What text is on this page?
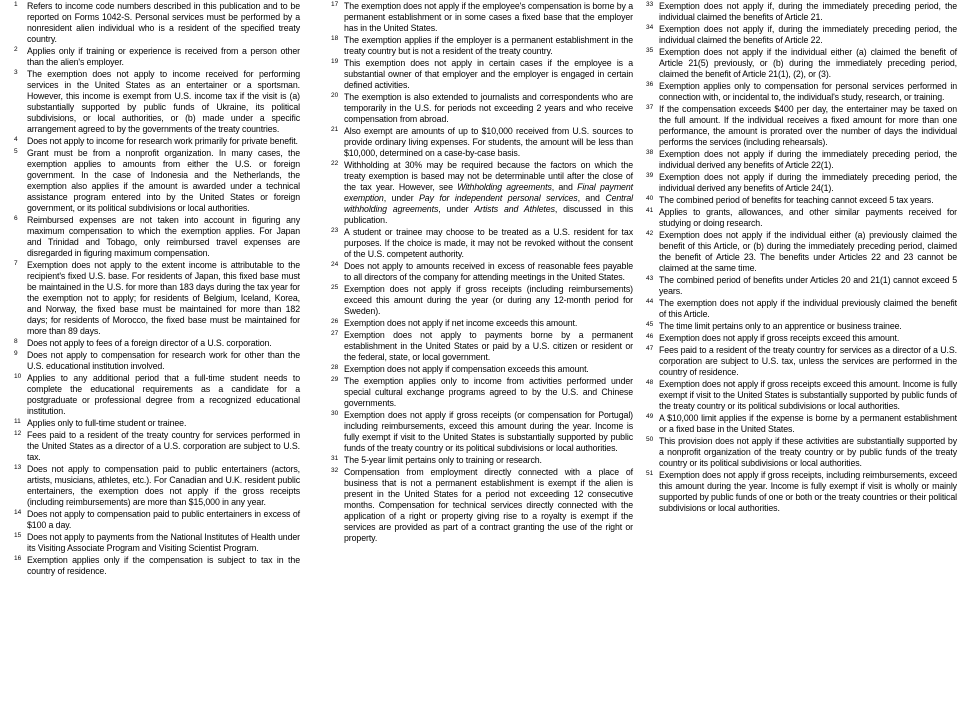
1 Refers to income code numbers described in this publication and to be reported on Forms 1042-S. Personal services must be performed by a nonresident alien individual who is a resident of the specified treaty country.
2 Applies only if training or experience is received from a person other than the alien's employer.
3 The exemption does not apply to income received for performing services in the United States as an entertainer or a sportsman. However, this income is exempt from U.S. income tax if the visit is (a) substantially supported by public funds of Ukraine, its political subdivisions, or local authorities, or (b) made under a specific arrangement agreed to by the governments of the treaty countries.
4 Does not apply to income for research work primarily for private benefit.
5 Grant must be from a nonprofit organization. In many cases, the exemption applies to amounts from either the U.S. or foreign government. In the case of Indonesia and the Netherlands, the exemption also applies if the amount is awarded under a technical assistance program entered into by the United States or foreign government, or its political subdivisions or local authorities.
6 Reimbursed expenses are not taken into account in figuring any maximum compensation to which the exemption applies. For Japan and Trinidad and Tobago, only reimbursed travel expenses are disregarded in figuring maximum compensation.
7 Exemption does not apply to the extent income is attributable to the recipient's fixed U.S. base. For residents of Japan, this fixed base must be maintained in the U.S. for more than 183 days during the tax year for the exemption not to apply; for residents of Belgium, Iceland, Korea, and Norway, the fixed base must be maintained for more than 182 days; for residents of Morocco, the fixed base must be maintained for more than 89 days.
8 Does not apply to fees of a foreign director of a U.S. corporation.
9 Does not apply to compensation for research work for other than the U.S. educational institution involved.
10 Applies to any additional period that a full-time student needs to complete the educational requirements as a candidate for a postgraduate or professional degree from a recognized educational institution.
11 Applies only to full-time student or trainee.
12 Fees paid to a resident of the treaty country for services performed in the United States as a director of a U.S. corporation are subject to U.S. tax.
13 Does not apply to compensation paid to public entertainers (actors, artists, musicians, athletes, etc.). For Canadian and U.K. resident public entertainers, the exemption does not apply if the gross receipts (including reimbursements) are more than $15,000 in any year.
14 Does not apply to compensation paid to public entertainers in excess of $100 a day.
15 Does not apply to payments from the National Institutes of Health under its Visiting Associate Program and Visiting Scientist Program.
16 Exemption applies only if the compensation is subject to tax in the country of residence.
17 The exemption does not apply if the employee's compensation is borne by a permanent establishment or in some cases a fixed base that the employer has in the United States.
18 The exemption applies if the employer is a permanent establishment in the treaty country but is not a resident of the treaty country.
19 This exemption does not apply in certain cases if the employee is a substantial owner of that employer and the employer is engaged in certain defined activities.
20 The exemption is also extended to journalists and correspondents who are temporarily in the U.S. for periods not exceeding 2 years and who receive compensation from abroad.
21 Also exempt are amounts of up to $10,000 received from U.S. sources to provide ordinary living expenses. For students, the amount will be less than $10,000, determined on a case-by-case basis.
22 Withholding at 30% may be required because the factors on which the treaty exemption is based may not be determinable until after the close of the tax year. However, see Withholding agreements, and Final payment exemption, under Pay for independent personal services, and Central withholding agreements, under Artists and Athletes, discussed in this publication.
23 A student or trainee may choose to be treated as a U.S. resident for tax purposes. If the choice is made, it may not be revoked without the consent of the U.S. competent authority.
24 Does not apply to amounts received in excess of reasonable fees payable to all directors of the company for attending meetings in the United States.
25 Exemption does not apply if gross receipts (including reimbursements) exceed this amount during the year (or during any 12-month period for Sweden).
26 Exemption does not apply if net income exceeds this amount.
27 Exemption does not apply to payments borne by a permanent establishment in the United States or paid by a U.S. citizen or resident or the federal, state, or local government.
28 Exemption does not apply if compensation exceeds this amount.
29 The exemption applies only to income from activities performed under special cultural exchange programs agreed to by the U.S. and Chinese governments.
30 Exemption does not apply if gross receipts (or compensation for Portugal) including reimbursements, exceed this amount during the year. Income is fully exempt if visit to the United States is substantially supported by public funds of the treaty country or its political subdivisions or local authorities.
31 The 5-year limit pertains only to training or research.
32 Compensation from employment directly connected with a place of business that is not a permanent establishment is exempt if the alien is present in the United States for a period not exceeding 12 consecutive months. Compensation for technical services directly connected with the application of a right or property giving rise to a royalty is exempt if the services are provided as part of a contract granting the use of the right or property.
33 Exemption does not apply if, during the immediately preceding period, the individual claimed the benefits of Article 21.
34 Exemption does not apply if, during the immediately preceding period, the individual claimed the benefits of Article 22.
35 Exemption does not apply if the individual either (a) claimed the benefit of Article 21(5) previously, or (b) during the immediately preceding period, claimed the benefit of Article 21(1), (2), or (3).
36 Exemption applies only to compensation for personal services performed in connection with, or incidental to, the individual's study, research, or training.
37 If the compensation exceeds $400 per day, the entertainer may be taxed on the full amount. If the individual receives a fixed amount for more than one performance, the amount is prorated over the number of days the individual performs the services (including rehearsals).
38 Exemption does not apply if during the immediately preceding period, the individual derived any benefits of Article 22(1).
39 Exemption does not apply if during the immediately preceding period, the individual derived any benefits of Article 24(1).
40 The combined period of benefits for teaching cannot exceed 5 tax years.
41 Applies to grants, allowances, and other similar payments received for studying or doing research.
42 Exemption does not apply if the individual either (a) previously claimed the benefit of this Article, or (b) during the immediately preceding period, claimed the benefit of Article 23. The benefits under Articles 22 and 23 cannot be claimed at the same time.
43 The combined period of benefits under Articles 20 and 21(1) cannot exceed 5 years.
44 The exemption does not apply if the individual previously claimed the benefit of this Article.
45 The time limit pertains only to an apprentice or business trainee.
46 Exemption does not apply if gross receipts exceed this amount.
47 Fees paid to a resident of the treaty country for services as a director of a U.S. corporation are subject to U.S. tax, unless the services are performed in the country of residence.
48 Exemption does not apply if gross receipts exceed this amount. Income is fully exempt if visit to the United States is substantially supported by public funds of the treaty country or its political subdivisions or local authorities.
49 A $10,000 limit applies if the expense is borne by a permanent establishment or a fixed base in the United States.
50 This provision does not apply if these activities are substantially supported by a nonprofit organization of the treaty country or by public funds of the treaty country or its political subdivisions or local authorities.
51 Exemption does not apply if gross receipts, including reimbursements, exceed this amount during the year. Income is fully exempt if visit is wholly or mainly supported by public funds of one or both or the treaty countries or their political subdivisions or local authorities.
